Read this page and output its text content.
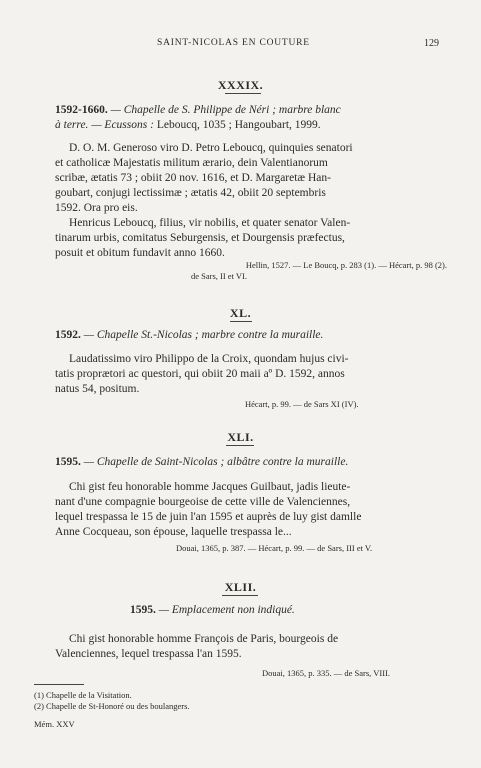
SAINT-NICOLAS EN COUTURE	129
XXXIX.
1592-1660. — Chapelle de S. Philippe de Néri ; marbre blanc
à terre. — Ecussons : Leboucq, 1035 ; Hangoubart, 1999.
D. O. M. Generoso viro D. Petro Leboucq, quinquies senatori
et catholicæ Majestatis militum ærario, dein Valentianorum
scribæ, ætatis 73 ; obiit 20 nov. 1616, et D. Margaretæ Han-
goubart, conjugi lectissimæ ; ætatis 42, obiit 20 septembris
1592. Ora pro eis.
Henricus Leboucq, filius, vir nobilis, et quater senator Valen-
tinarum urbis, comitatus Seburgensis, et Dourgensis præfectus,
posuit et obitum fundavit anno 1660.
Hellin, 1527. — Le Boucq, p. 283 (1). — Hécart, p. 98 (2).
de Sars, II et VI.
XL.
1592. — Chapelle St.-Nicolas ; marbre contre la muraille.
Laudatissimo viro Philippo de la Croix, quondam hujus civi-
tatis proprætori ac questori, qui obiit 20 maii aº D. 1592, annos
natus 54, positum.
Hécart, p. 99. — de Sars XI (IV).
XLI.
1595. — Chapelle de Saint-Nicolas ; albâtre contre la muraille.
Chi gist feu honorable homme Jacques Guilbaut, jadis lieute-
nant d'une compagnie bourgeoise de cette ville de Valenciennes,
lequel trespassa le 15 de juin l'an 1595 et auprès de luy gist damlle
Anne Cocqueau, son épouse, laquelle trespassa le...
Douai, 1365, p. 387. — Hécart, p. 99. — de Sars, III et V.
XLII.
1595. — Emplacement non indiqué.
Chi gist honorable homme François de Paris, bourgeois de
Valenciennes, lequel trespassa l'an 1595.
Douai, 1365, p. 335. — de Sars, VIII.
(1) Chapelle de la Visitation.
(2) Chapelle de St-Honoré ou des boulangers.
Mém. XXV
